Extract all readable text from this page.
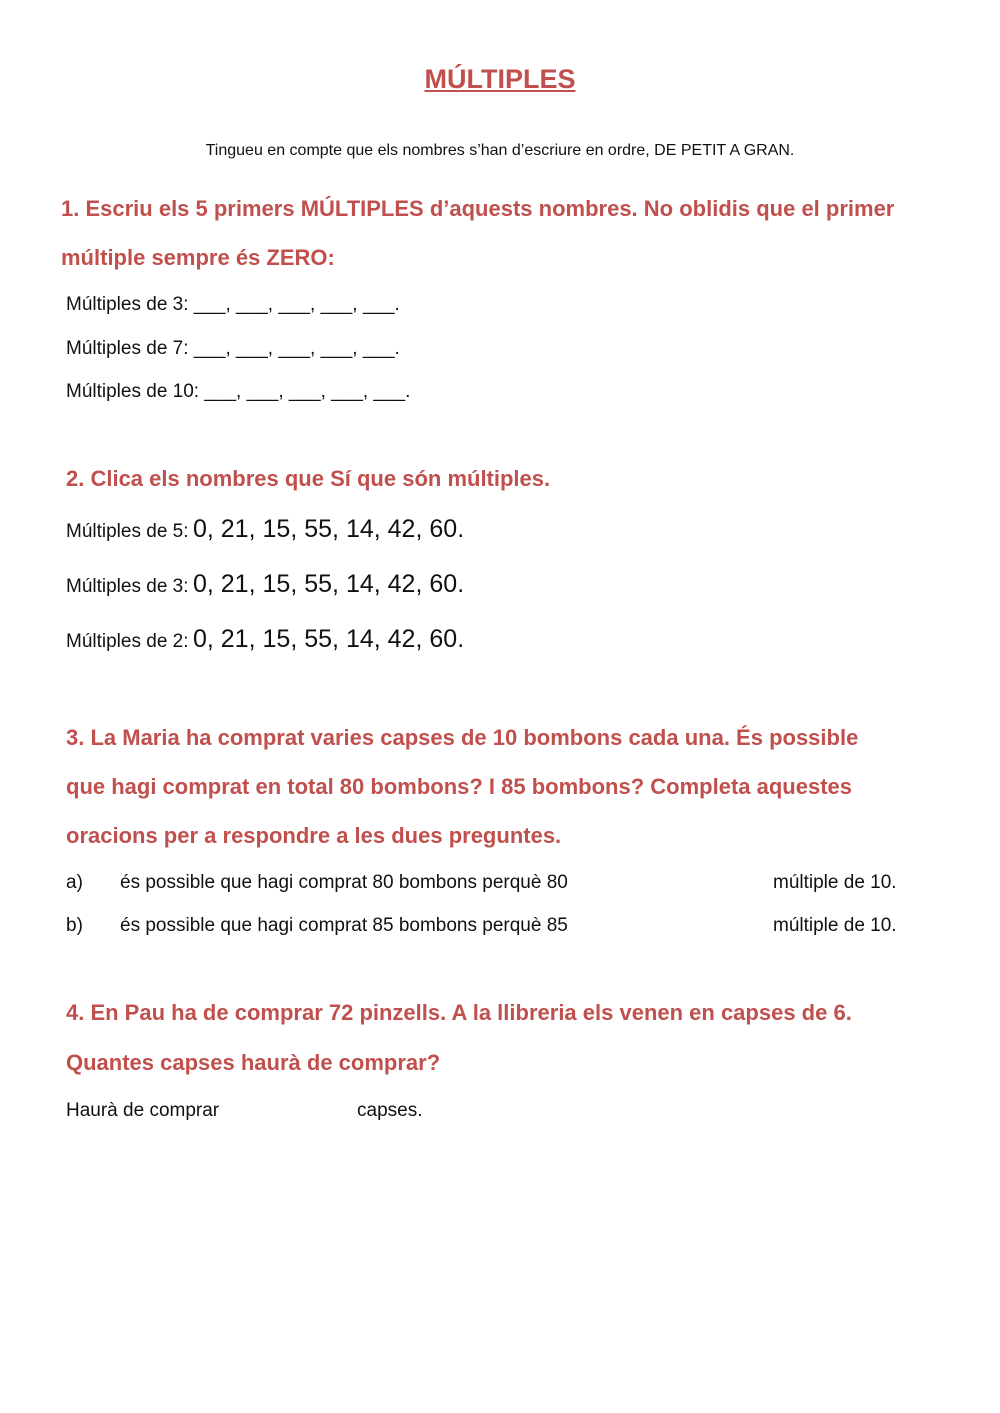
MÚLTIPLES
Tingueu en compte que els nombres s’han d’escriure en ordre, DE PETIT A GRAN.
1. Escriu els 5 primers MÚLTIPLES d’aquests nombres. No oblidis que el primer
múltiple sempre és ZERO:
Múltiples de 3: ___, ___, ___, ___, ___.
Múltiples de 7: ___, ___, ___, ___, ___.
Múltiples de 10: ___, ___, ___, ___, ___.
2. Clica els nombres que Sí que són múltiples.
Múltiples de 5: 0, 21, 15, 55, 14, 42, 60.
Múltiples de 3: 0, 21, 15, 55, 14, 42, 60.
Múltiples de 2: 0, 21, 15, 55, 14, 42, 60.
3. La Maria ha comprat varies capses de 10 bombons cada una. És possible
que hagi comprat en total 80 bombons? I 85 bombons? Completa aquestes
oracions per a respondre a les dues preguntes.
a) és possible que hagi comprat 80 bombons perquè 80	múltiple de 10.
b) és possible que hagi comprat 85 bombons perquè 85	múltiple de 10.
4. En Pau ha de comprar 72 pinzells. A la llibreria els venen en capses de 6.
Quantes capses haurà de comprar?
Haurà de comprar	capses.
